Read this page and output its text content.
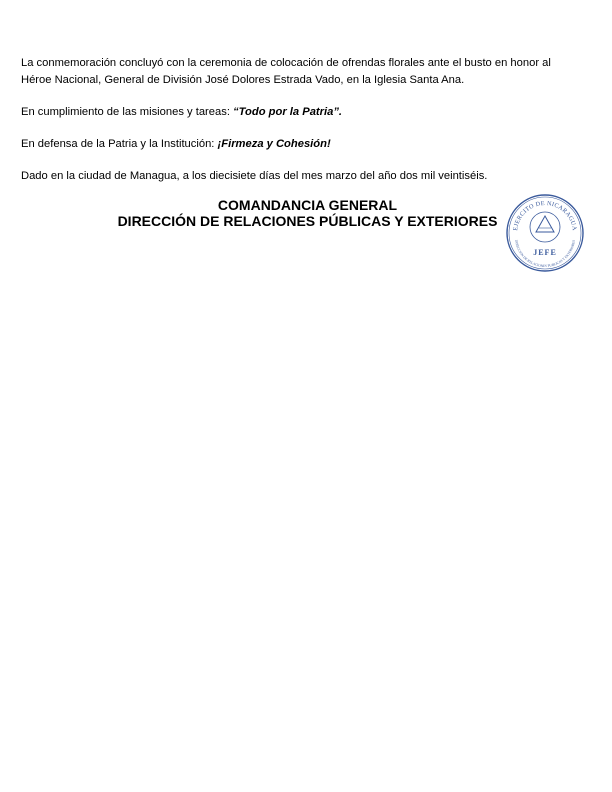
La conmemoración concluyó con la ceremonia de colocación de ofrendas florales ante el busto en honor al
Héroe Nacional, General de División José Dolores Estrada Vado, en la Iglesia Santa Ana.

En cumplimiento de las misiones y tareas: “Todo por la Patria”.

En defensa de la Patria y la Institución: ¡Firmeza y Cohesión!

Dado en la ciudad de Managua, a los diecisiete días del mes marzo del año dos mil veintiséis.

COMANDANCIA GENERAL
DIRECCIÓN DE RELACIONES PÚBLICAS Y EXTERIORES	EJERCITO DE NICARAGUA
DIRECCION DE RELACIONES PUBLICAS Y EXTERIORES
JEFE
